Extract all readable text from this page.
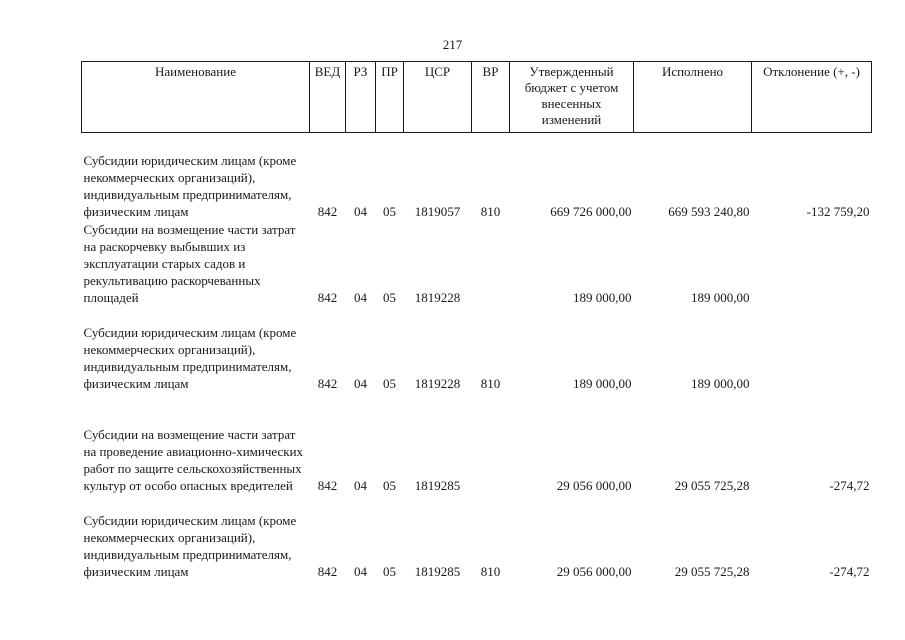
217
Наименование	ВЕД	РЗ	ПР	ЦСР	ВР	Утвержденный бюджет с учетом внесенных изменений	Исполнено	Отклонение (+, -)
Субсидии юридическим лицам (кроме некоммерческих организаций), индивидуальным предпринимателям, физическим лицам	842	04	05	1819057	810	669 726 000,00	669 593 240,80	-132 759,20
Субсидии на возмещение части затрат на раскорчевку выбывших из эксплуатации старых садов и рекультивацию раскорчеванных площадей	842	04	05	1819228		189 000,00	189 000,00	
Субсидии юридическим лицам (кроме некоммерческих организаций), индивидуальным предпринимателям, физическим лицам	842	04	05	1819228	810	189 000,00	189 000,00	
Субсидии на возмещение части затрат на проведение авиационно-химических работ по защите сельскохозяйственных культур от особо опасных вредителей	842	04	05	1819285		29 056 000,00	29 055 725,28	-274,72
Субсидии юридическим лицам (кроме некоммерческих организаций), индивидуальным предпринимателям, физическим лицам	842	04	05	1819285	810	29 056 000,00	29 055 725,28	-274,72
